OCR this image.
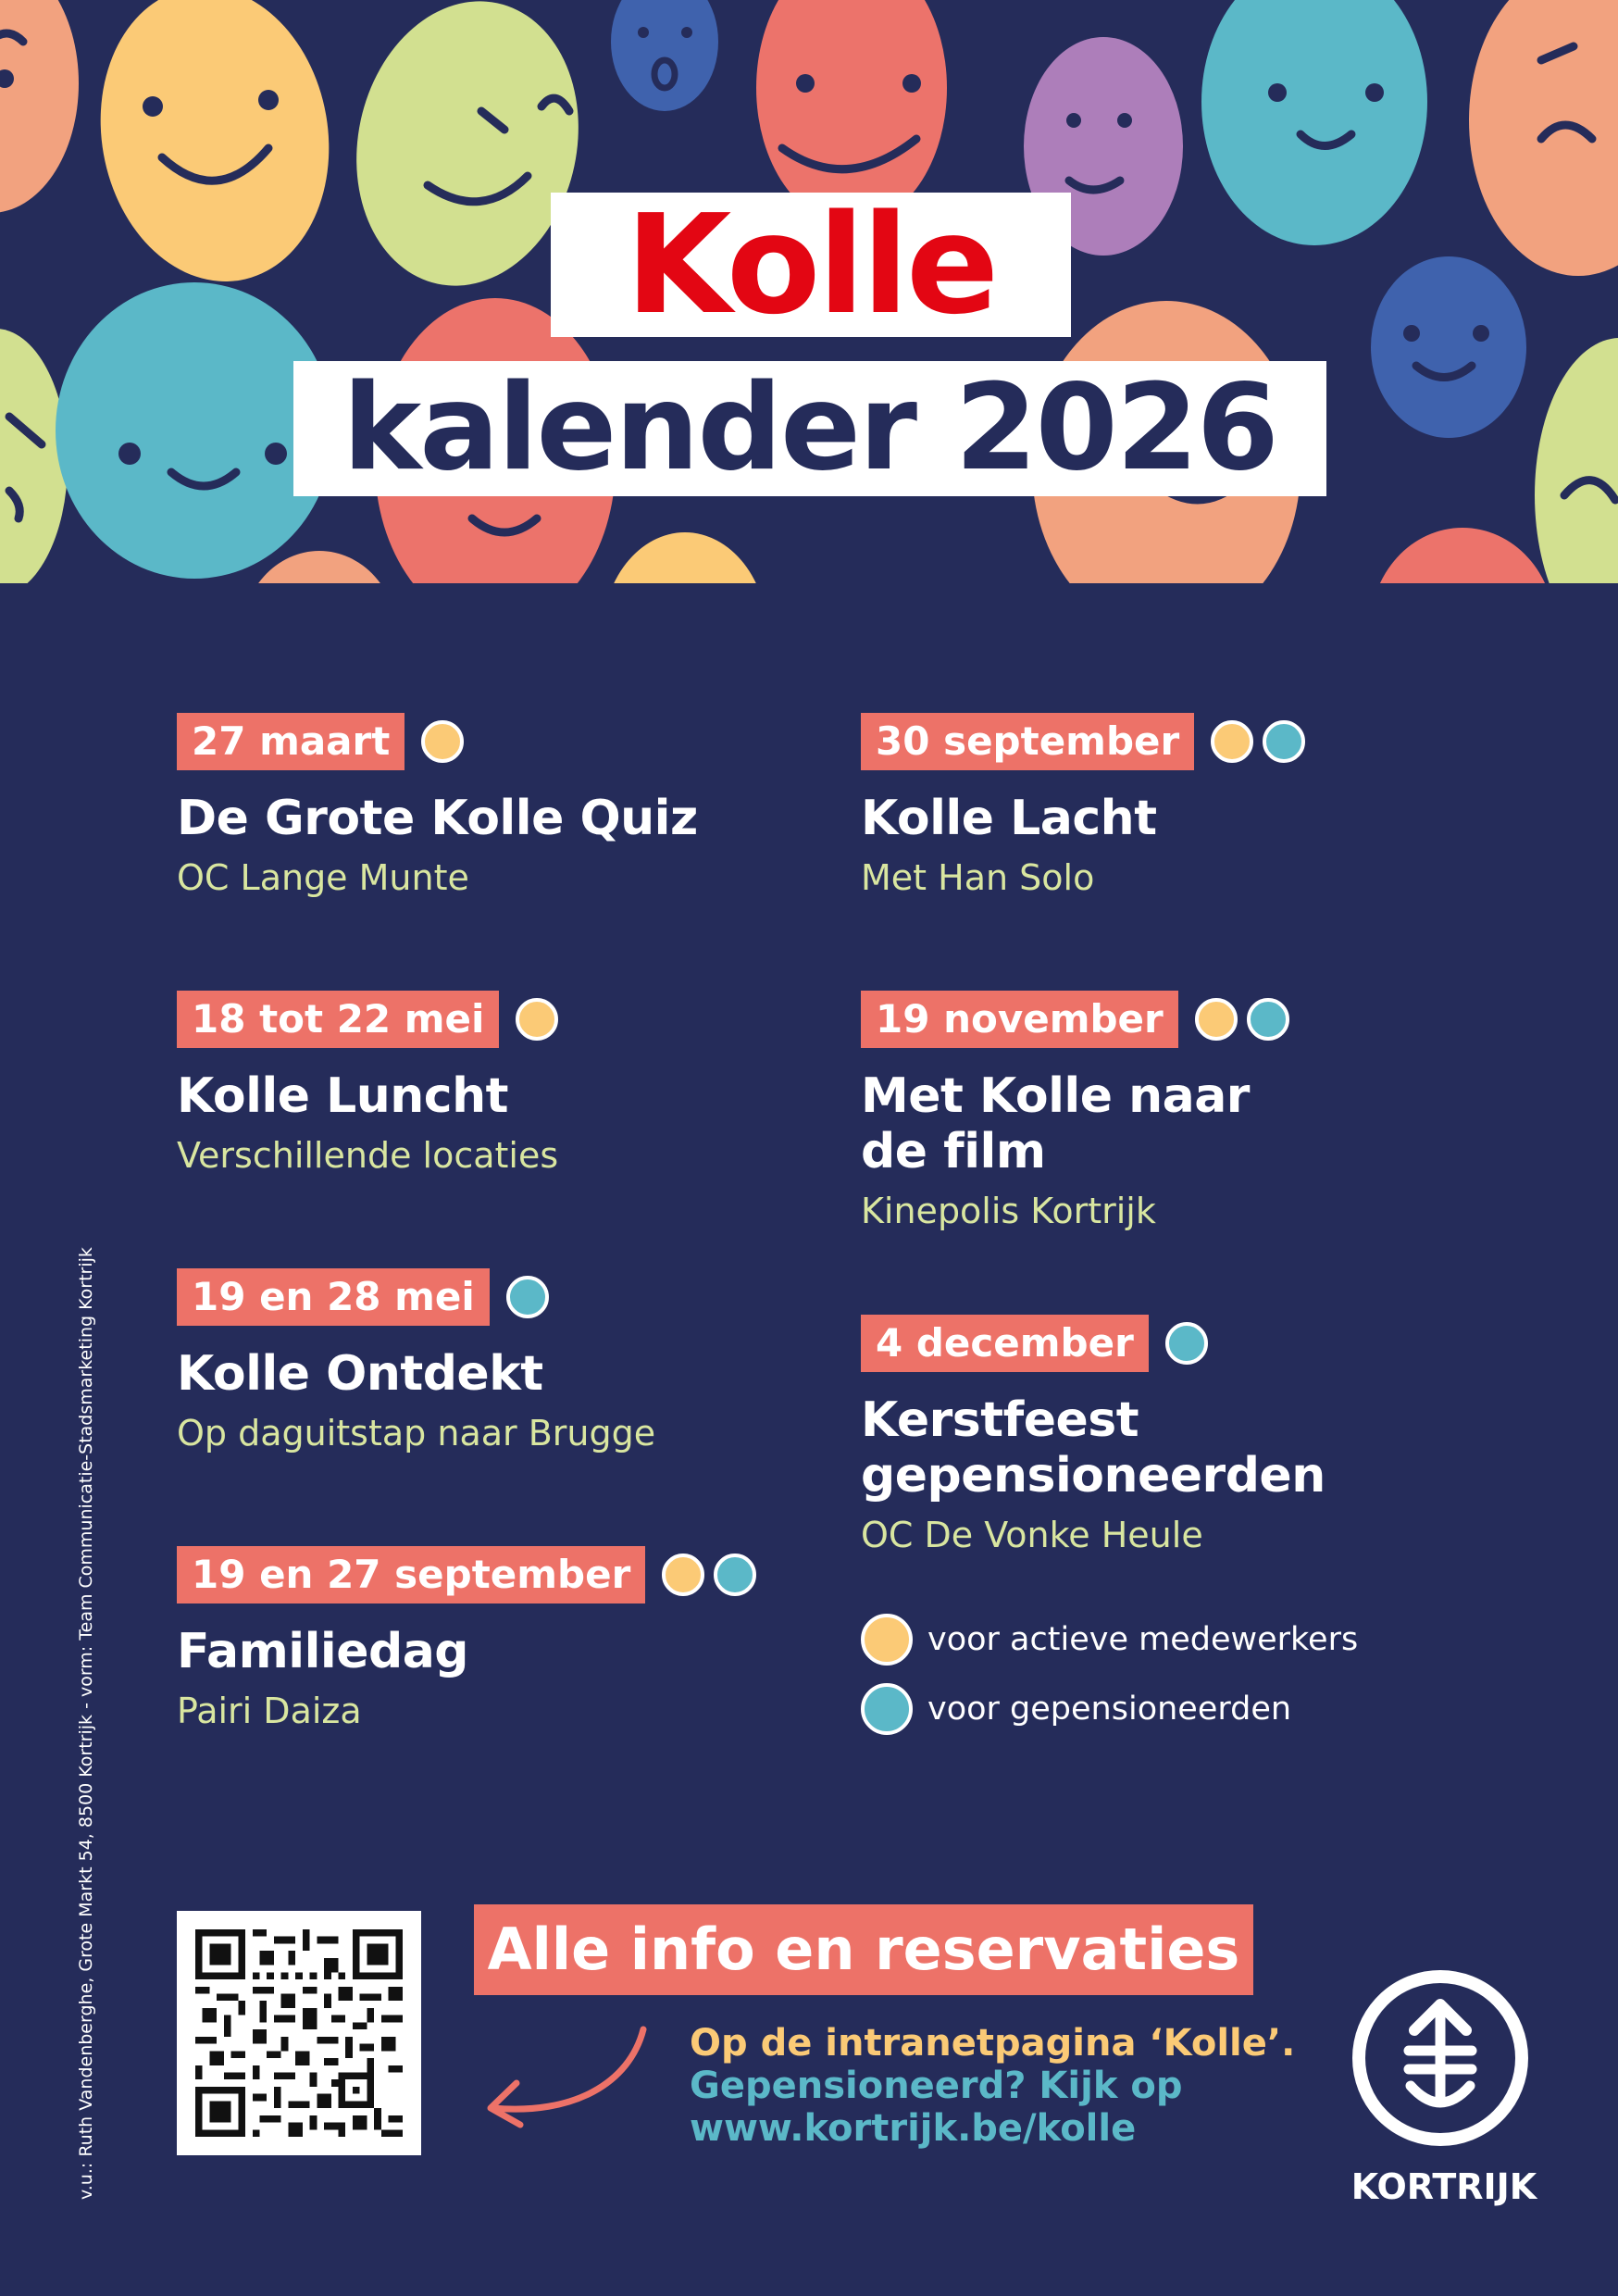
Kolle
kalender 2026
27 maart
De Grote Kolle Quiz
OC Lange Munte
18 tot 22 mei
Kolle Luncht
Verschillende locaties
19 en 28 mei
Kolle Ontdekt
Op daguitstap naar Brugge
19 en 27 september
Familiedag
Pairi Daiza
30 september
Kolle Lacht
Met Han Solo
19 november
Met Kolle naar
de film
Kinepolis Kortrijk
4 december
Kerstfeest
gepensioneerden
OC De Vonke Heule
voor actieve medewerkers
voor gepensioneerden
v.u.: Ruth Vandenberghe, Grote Markt 54, 8500 Kortrijk - vorm: Team Communicatie-Stadsmarketing Kortrijk	Alle info en reservaties
Op de intranetpagina ‘Kolle’.
Gepensioneerd? Kijk op
www.kortrijk.be/kolle
KORTRIJK
